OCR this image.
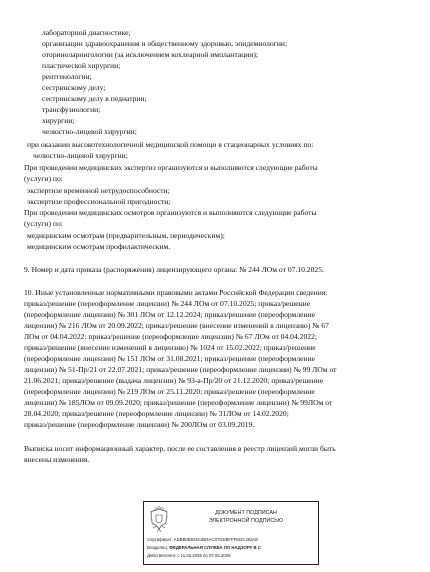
лабораторной диагностике;
организации здравоохранения и общественному здоровью, эпидемиологии;
оториноларингологии (за исключением кохлеарной имплантации);
пластической хирургии;
рентгенологии;
сестринскому делу;
сестринскому делу в педиатрии;
трансфузиологии;
хирургии;
челюстно-лицевой хирургии;
при оказании высокотехнологичной медицинской помощи в стационарных условиях по:
челюстно-лицевой хирургии;
При проведении медицинских экспертиз организуются и выполняются следующие работы
(услуги) по:
экспертизе временной нетрудоспособности;
экспертизе профессиональной пригодности;
При проведении медицинских осмотров организуются и выполняются следующие работы
(услуги) по:
медицинским осмотрам (предварительным, периодическим);
медицинским осмотрам профилактическим.
9. Номер и дата приказа (распоряжения) лицензирующего органа: № 244 ЛОм от 07.10.2025.
10. Иные установленные нормативными правовыми актами Российской Федерации сведения:
приказ/решение (переоформление лицензии) № 244 ЛОм от 07.10.2025; приказ/решение
(переоформление лицензии) № 301 ЛОм от 12.12.2024; приказ/решение (переоформление
лицензии) № 216 ЛОм от 20.09.2022; приказ/решение (внесение изменений в лицензию) № 67
ЛОм от 04.04.2022; приказ/решение (переоформление лицензии) № 67 ЛОм от 04.04.2022;
приказ/решение (внесение изменений в лицензию) № 1024 от 15.02.2022; приказ/решение
(переоформление лицензии) № 151 ЛОм от 31.08.2021; приказ/решение (переоформление
лицензии) № 51-Пр/21 от 22.07.2021; приказ/решение (переоформление лицензии) № 99 ЛОм от
21.06.2021; приказ/решение (выдача лицензии) № 93-а-Пр/20 от 21.12.2020; приказ/решение
(переоформление лицензии) № 219 ЛОм от 25.11.2020; приказ/решение (переоформление
лицензии) № 185ЛОм от 09.09.2020; приказ/решение (переоформление лицензии) № 99ЛОм от
28.04.2020; приказ/решение (переоформление лицензии) № 31ЛОм от 14.02.2020;
приказ/решение (переоформление лицензии) № 200ЛОм от 03.09.2019.
Выписка носит информационный характер, после ее составления в реестр лицензий могли быть
внесены изменения.
ДОКУМЕНТ ПОДПИСАН
ЭЛЕКТРОННОЙ ПОДПИСЬЮ
Сертификат: ADBB0B925C5B4AC07DDBFFFEDC463AE
Владелец: ФЕДЕРАЛЬНАЯ СЛУЖБА ПО НАДЗОРУ В С
Действителен: с 11.02.2025 по 07.05.2026
